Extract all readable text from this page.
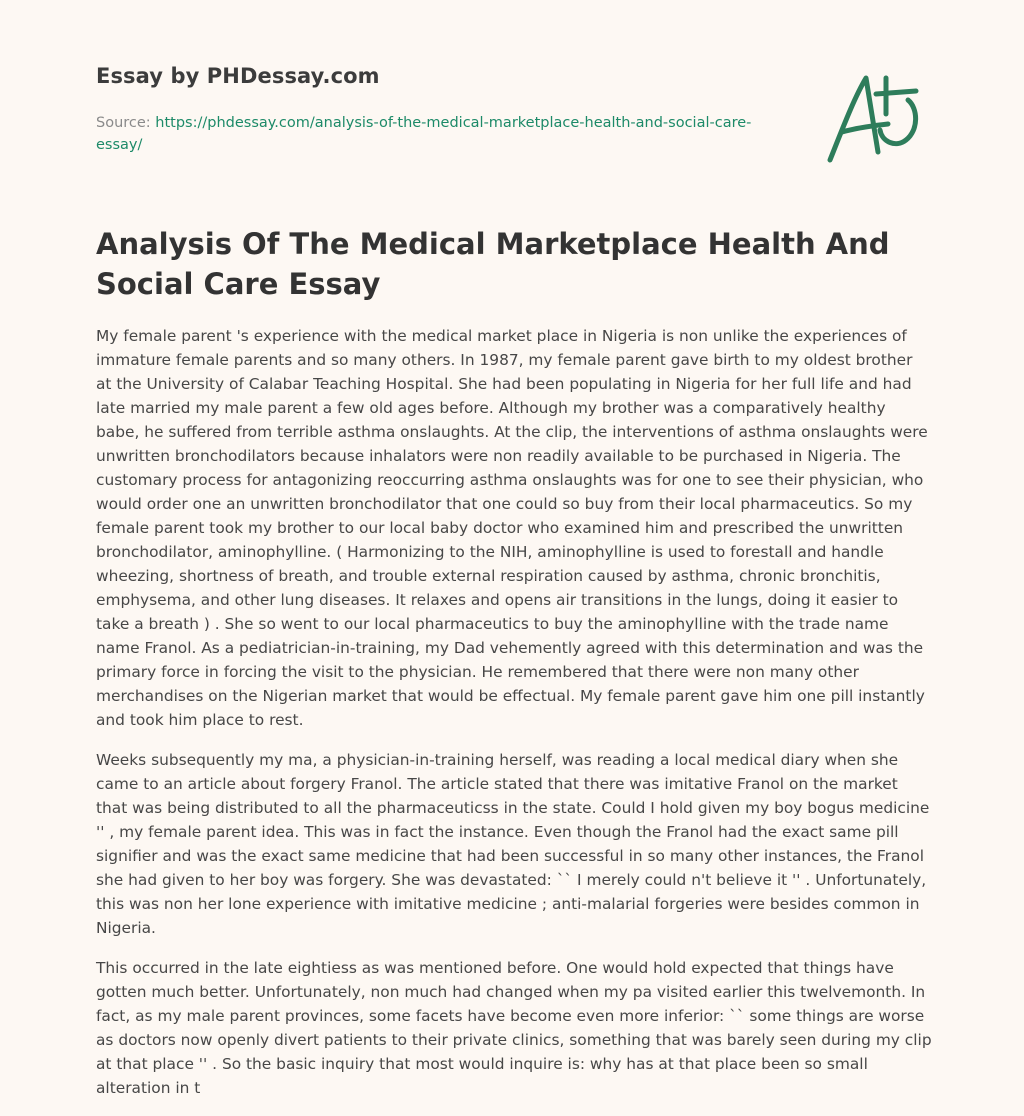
Essay by PHDessay.com
Source: https://phdessay.com/analysis-of-the-medical-marketplace-health-and-social-care-essay/
Analysis Of The Medical Marketplace Health And Social Care Essay

My female parent 's experience with the medical market place in Nigeria is non unlike the experiences of immature female parents and so many others. In 1987, my female parent gave birth to my oldest brother at the University of Calabar Teaching Hospital. She had been populating in Nigeria for her full life and had late married my male parent a few old ages before. Although my brother was a comparatively healthy babe, he suffered from terrible asthma onslaughts. At the clip, the interventions of asthma onslaughts were unwritten bronchodilators because inhalators were non readily available to be purchased in Nigeria. The customary process for antagonizing reoccurring asthma onslaughts was for one to see their physician, who would order one an unwritten bronchodilator that one could so buy from their local pharmaceutics. So my female parent took my brother to our local baby doctor who examined him and prescribed the unwritten bronchodilator, aminophylline. ( Harmonizing to the NIH, aminophylline is used to forestall and handle wheezing, shortness of breath, and trouble external respiration caused by asthma, chronic bronchitis, emphysema, and other lung diseases. It relaxes and opens air transitions in the lungs, doing it easier to take a breath ) . She so went to our local pharmaceutics to buy the aminophylline with the trade name name Franol. As a pediatrician-in-training, my Dad vehemently agreed with this determination and was the primary force in forcing the visit to the physician. He remembered that there were non many other merchandises on the Nigerian market that would be effectual. My female parent gave him one pill instantly and took him place to rest.

Weeks subsequently my ma, a physician-in-training herself, was reading a local medical diary when she came to an article about forgery Franol. The article stated that there was imitative Franol on the market that was being distributed to all the pharmaceuticss in the state. Could I hold given my boy bogus medicine '' , my female parent idea. This was in fact the instance. Even though the Franol had the exact same pill signifier and was the exact same medicine that had been successful in so many other instances, the Franol she had given to her boy was forgery. She was devastated: `` I merely could n't believe it '' . Unfortunately, this was non her lone experience with imitative medicine ; anti-malarial forgeries were besides common in Nigeria.

This occurred in the late eightiess as was mentioned before. One would hold expected that things have gotten much better. Unfortunately, non much had changed when my pa visited earlier this twelvemonth. In fact, as my male parent provinces, some facets have become even more inferior: `` some things are worse as doctors now openly divert patients to their private clinics, something that was barely seen during my clip at that place '' . So the basic inquiry that most would inquire is: why has at that place been so small alteration in t
